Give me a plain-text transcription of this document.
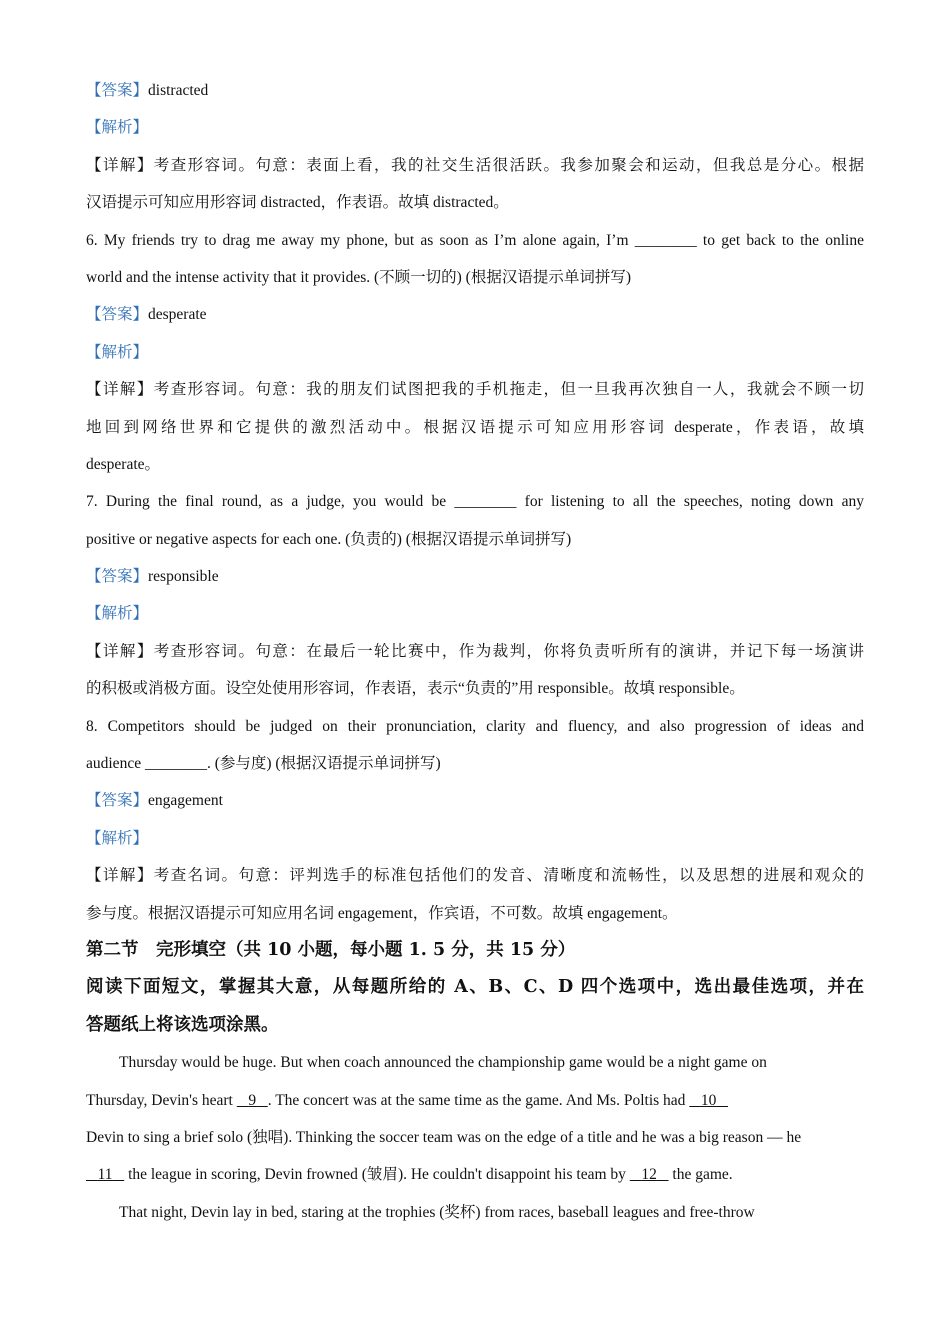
【答案】distracted
【解析】
【详解】考查形容词。句意：表面上看，我的社交生活很活跃。我参加聚会和运动，但我总是分心。根据
汉语提示可知应用形容词 distracted，作表语。故填 distracted。
6. My friends try to drag me away my phone, but as soon as I’m alone again, I’m ________ to get back to the online
world and the intense activity that it provides. (不顾一切的) (根据汉语提示单词拼写)
【答案】desperate
【解析】
【详解】考查形容词。句意：我的朋友们试图把我的手机拖走，但一旦我再次独自一人，我就会不顾一切
地回到网络世界和它提供的激烈活动中。根据汉语提示可知应用形容词 desperate，作表语，故填
desperate。
7. During the final round, as a judge, you would be ________ for listening to all the speeches, noting down any
positive or negative aspects for each one. (负责的) (根据汉语提示单词拼写)
【答案】responsible
【解析】
【详解】考查形容词。句意：在最后一轮比赛中，作为裁判，你将负责听所有的演讲，并记下每一场演讲
的积极或消极方面。设空处使用形容词，作表语，表示“负责的”用 responsible。故填 responsible。
8. Competitors should be judged on their pronunciation, clarity and fluency, and also progression of ideas and
audience ________. (参与度) (根据汉语提示单词拼写)
【答案】engagement
【解析】
【详解】考查名词。句意：评判选手的标准包括他们的发音、清晰度和流畅性，以及思想的进展和观众的
参与度。根据汉语提示可知应用名词 engagement，作宾语，不可数。故填 engagement。
第二节　完形填空（共 10 小题，每小题 1. 5 分，共 15 分）
阅读下面短文，掌握其大意，从每题所给的 A、B、C、D 四个选项中，选出最佳选项，并在
答题纸上将该选项涂黑。
Thursday would be huge. But when coach announced the championship game would be a night game on
Thursday, Devin's heart    9 . The concert was at the same time as the game. And Ms. Poltis had    10
Devin to sing a brief solo (独唱). Thinking the soccer team was on the edge of a title and he was a big reason — he
11    the league in scoring, Devin frowned (皱眉). He couldn't disappoint his team by    12    the game.
That night, Devin lay in bed, staring at the trophies (奖杯) from races, baseball leagues and free-throw
